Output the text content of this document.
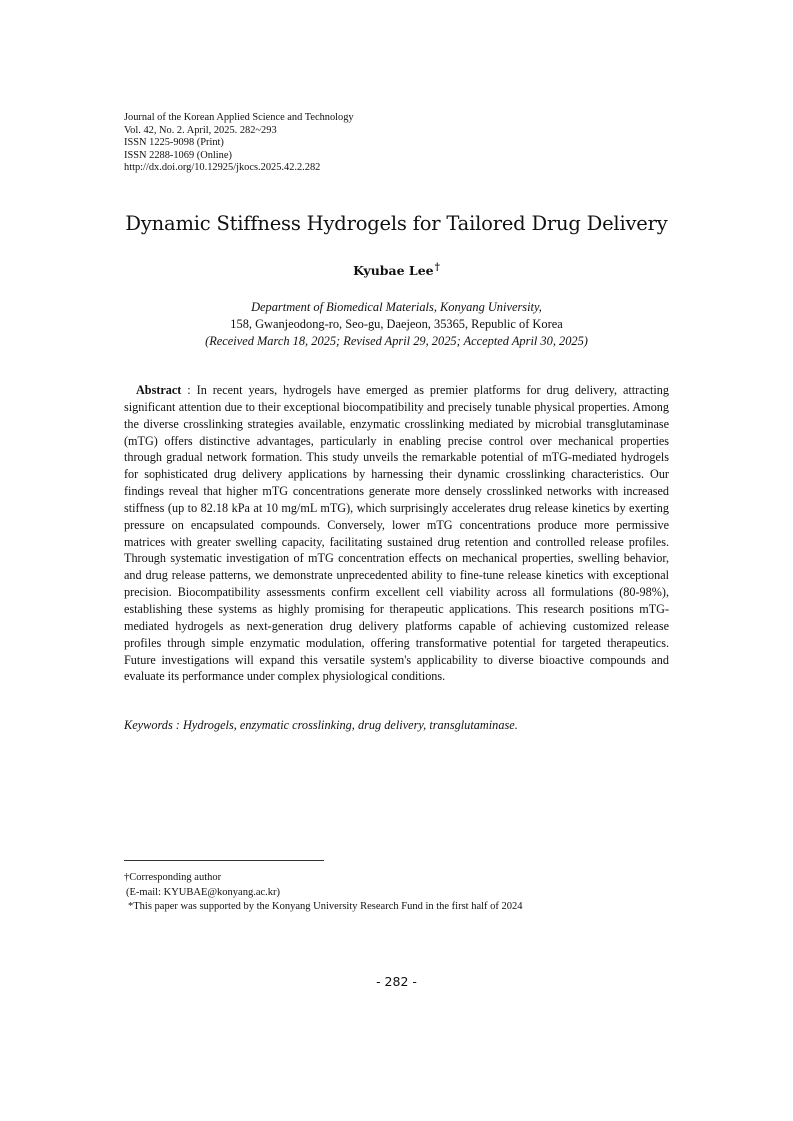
Journal of the Korean Applied Science and Technology
Vol. 42, No. 2. April, 2025. 282~293
ISSN 1225-9098 (Print)
ISSN 2288-1069 (Online)
http://dx.doi.org/10.12925/jkocs.2025.42.2.282
Dynamic Stiffness Hydrogels for Tailored Drug Delivery
Kyubae Lee†
Department of Biomedical Materials, Konyang University,
158, Gwanjeodong-ro, Seo-gu, Daejeon, 35365, Republic of Korea
(Received March 18, 2025; Revised April 29, 2025; Accepted April 30, 2025)
Abstract : In recent years, hydrogels have emerged as premier platforms for drug delivery, attracting significant attention due to their exceptional biocompatibility and precisely tunable physical properties. Among the diverse crosslinking strategies available, enzymatic crosslinking mediated by microbial transglutaminase (mTG) offers distinctive advantages, particularly in enabling precise control over mechanical properties through gradual network formation. This study unveils the remarkable potential of mTG-mediated hydrogels for sophisticated drug delivery applications by harnessing their dynamic crosslinking characteristics. Our findings reveal that higher mTG concentrations generate more densely crosslinked networks with increased stiffness (up to 82.18 kPa at 10 mg/mL mTG), which surprisingly accelerates drug release kinetics by exerting pressure on encapsulated compounds. Conversely, lower mTG concentrations produce more permissive matrices with greater swelling capacity, facilitating sustained drug retention and controlled release profiles. Through systematic investigation of mTG concentration effects on mechanical properties, swelling behavior, and drug release patterns, we demonstrate unprecedented ability to fine-tune release kinetics with exceptional precision. Biocompatibility assessments confirm excellent cell viability across all formulations (80-98%), establishing these systems as highly promising for therapeutic applications. This research positions mTG-mediated hydrogels as next-generation drug delivery platforms capable of achieving customized release profiles through simple enzymatic modulation, offering transformative potential for targeted therapeutics. Future investigations will expand this versatile system's applicability to diverse bioactive compounds and evaluate its performance under complex physiological conditions.
Keywords : Hydrogels, enzymatic crosslinking, drug delivery, transglutaminase.
†Corresponding author
(E-mail: KYUBAE@konyang.ac.kr)
*This paper was supported by the Konyang University Research Fund in the first half of 2024
- 282 -
